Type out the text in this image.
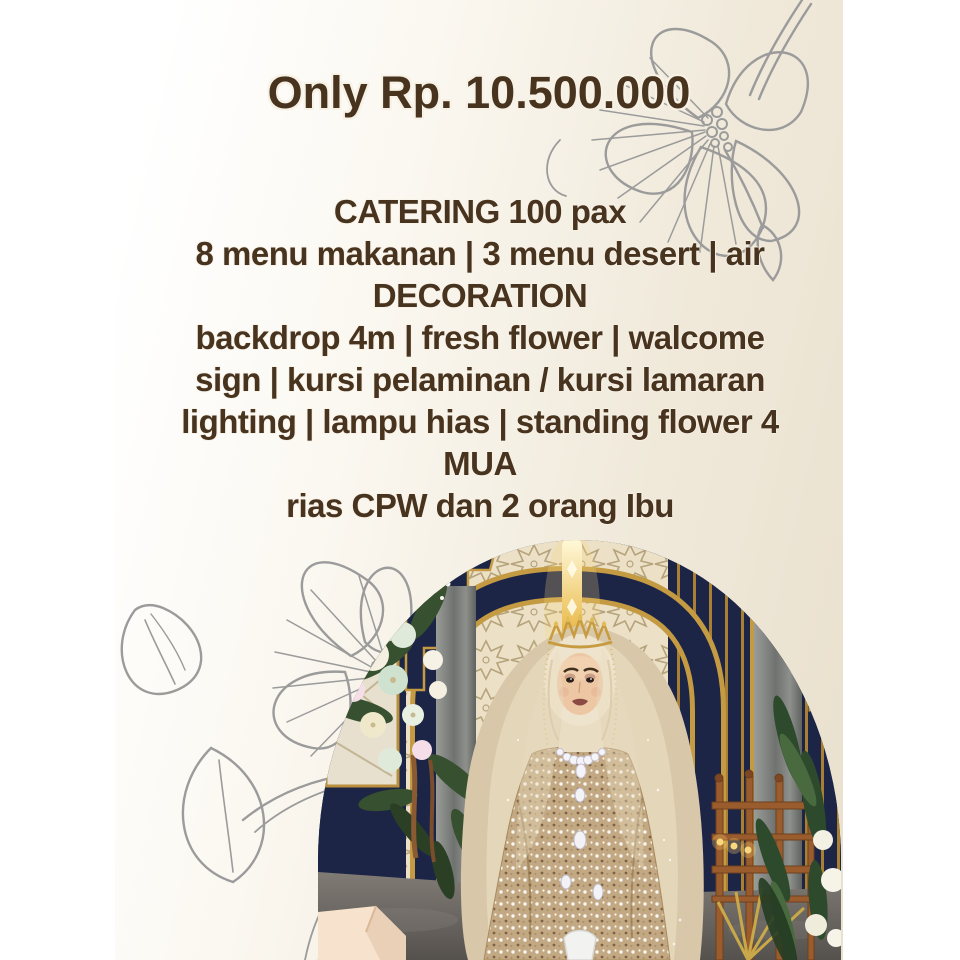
Only Rp. 10.500.000
CATERING 100 pax
8 menu makanan | 3 menu desert | air
DECORATION
backdrop 4m | fresh flower | walcome
sign | kursi pelaminan / kursi lamaran
lighting | lampu hias | standing flower 4
MUA
rias CPW dan 2 orang Ibu
